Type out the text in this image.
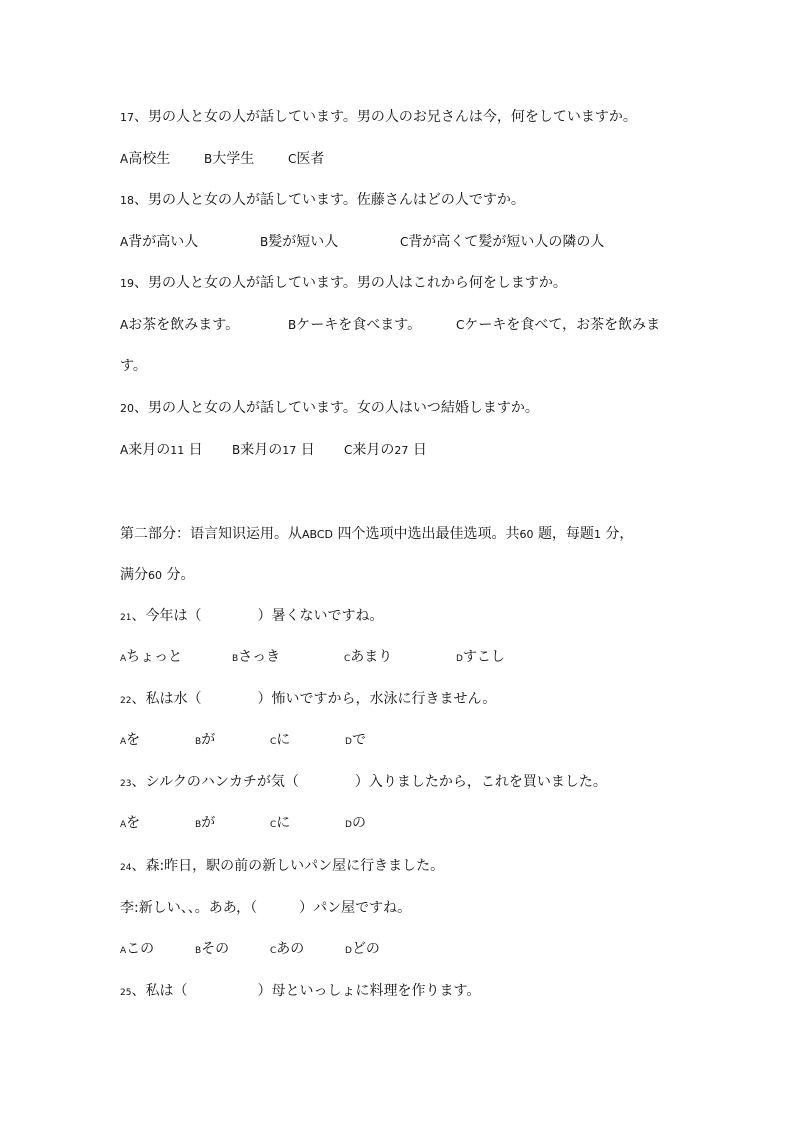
17、男の人と女の人が話しています。男の人のお兄さんは今，何をしていますか。
A高校生	B大学生	C医者
18、男の人と女の人が話しています。佐藤さんはどの人ですか。
A背が高い人	B髪が短い人	C背が高くて髪が短い人の隣の人
19、男の人と女の人が話しています。男の人はこれから何をしますか。
Aお茶を飲みます。	Bケーキを食べます。	Cケーキを食べて，お茶を飲みま
す。
20、男の人と女の人が話しています。女の人はいつ結婚しますか。
A来月の11 日 B来月の17 日 C来月の27 日
第二部分：语言知识运用。从ABCD 四个选项中选出最佳选项。共60 题，每题1 分，
满分60 分。
21、今年は（　　　　）暑くないですね。
Aちょっと	Bさっき	Cあまり	Dすこし
22、私は水（　　　　）怖いですから，水泳に行きません。
Aを	Bが	Cに	Dで
23、シルクのハンカチが気（　　　　）入りましたから，これを買いました。
Aを	Bが	Cに	Dの
24、森:昨日，駅の前の新しいパン屋に行きました。
李:新しい、、。ああ，（　　　）パン屋ですね。
Aこの	Bその	Cあの	Dどの
25、私は（　　　　　）母といっしょに料理を作ります。
